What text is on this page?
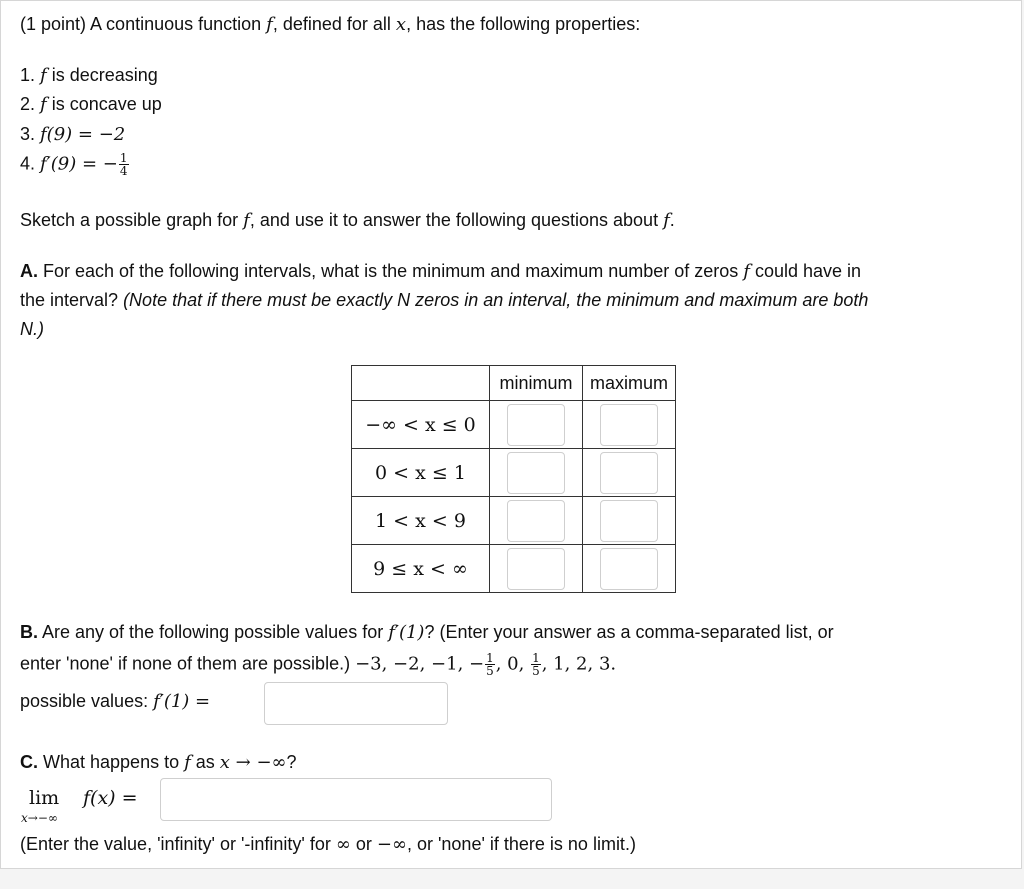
(1 point) A continuous function f, defined for all x, has the following properties:
1. f is decreasing
2. f is concave up
3. f(9) = −2
4. f′(9) = − $\frac{1}{4}$
Sketch a possible graph for f, and use it to answer the following questions about f.
A. For each of the following intervals, what is the minimum and maximum number of zeros f could have in
the interval? (Note that if there must be exactly N zeros in an interval, the minimum and maximum are both
N.)
	minimum	maximum
−∞ < x ≤ 0		
0 < x ≤ 1		
1 < x < 9		
9 ≤ x < ∞		
B. Are any of the following possible values for f′(1)? (Enter your answer as a comma-separated list, or
enter 'none' if none of them are possible.) −3, −2, −1, − $\frac{1}{5}$ , 0, $\frac{1}{5}$ , 1, 2, 3.
possible values: f′(1) =
C. What happens to f as x → −∞?
lim
x→−∞
f(x) =
(Enter the value, 'infinity' or '-infinity' for ∞ or −∞, or 'none' if there is no limit.)
